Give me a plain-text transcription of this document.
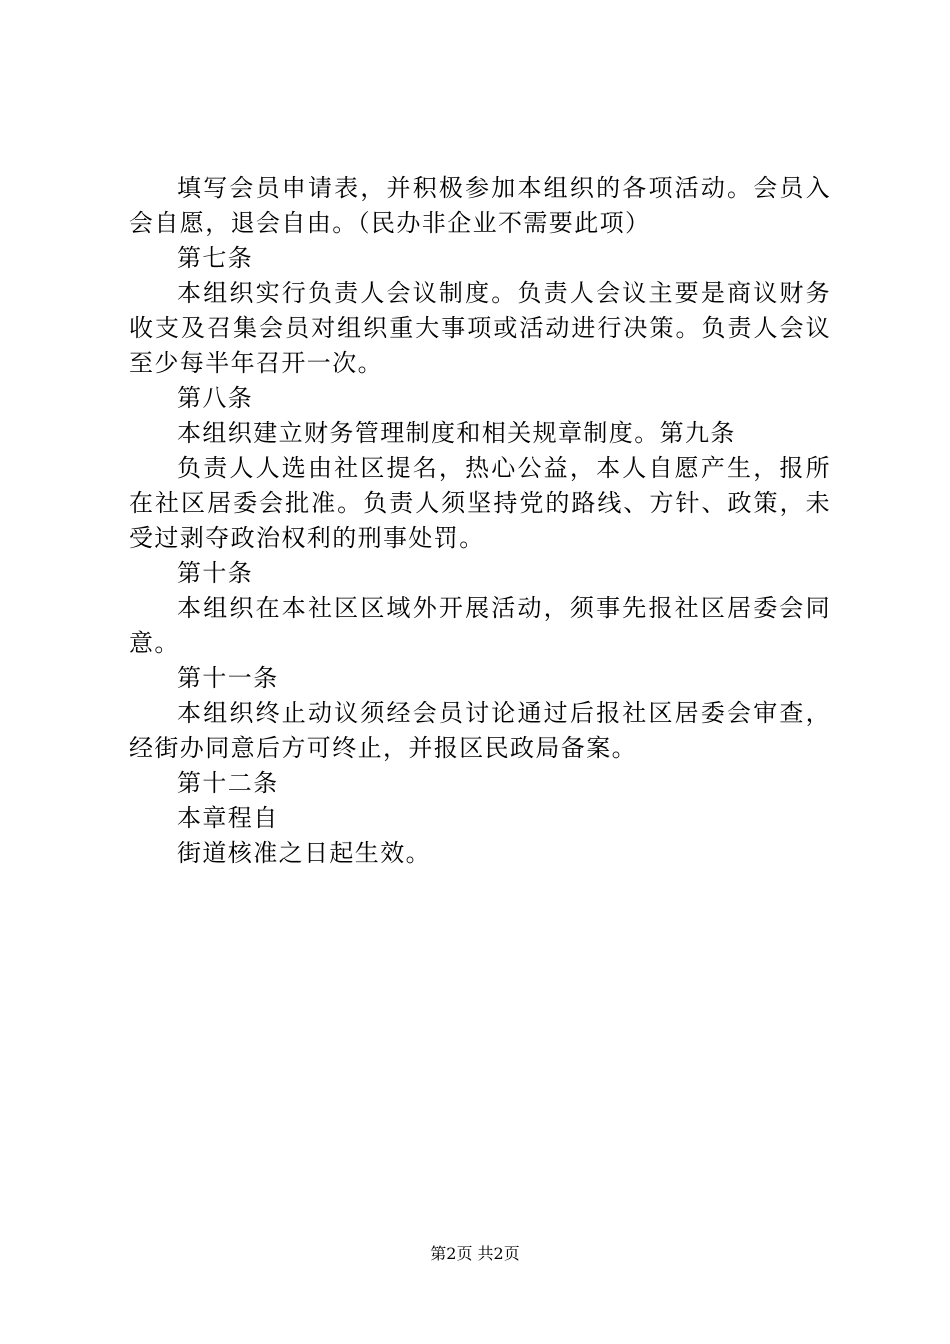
填写会员申请表，并积极参加本组织的各项活动。会员入会自愿，退会自由。（民办非企业不需要此项）

第七条

本组织实行负责人会议制度。负责人会议主要是商议财务收支及召集会员对组织重大事项或活动进行决策。负责人会议至少每半年召开一次。

第八条

本组织建立财务管理制度和相关规章制度。第九条

负责人人选由社区提名，热心公益，本人自愿产生，报所在社区居委会批准。负责人须坚持党的路线、方针、政策，未受过剥夺政治权利的刑事处罚。

第十条

本组织在本社区区域外开展活动，须事先报社区居委会同意。

第十一条

本组织终止动议须经会员讨论通过后报社区居委会审查，经街办同意后方可终止，并报区民政局备案。

第十二条

本章程自

街道核准之日起生效。

第2页 共2页
